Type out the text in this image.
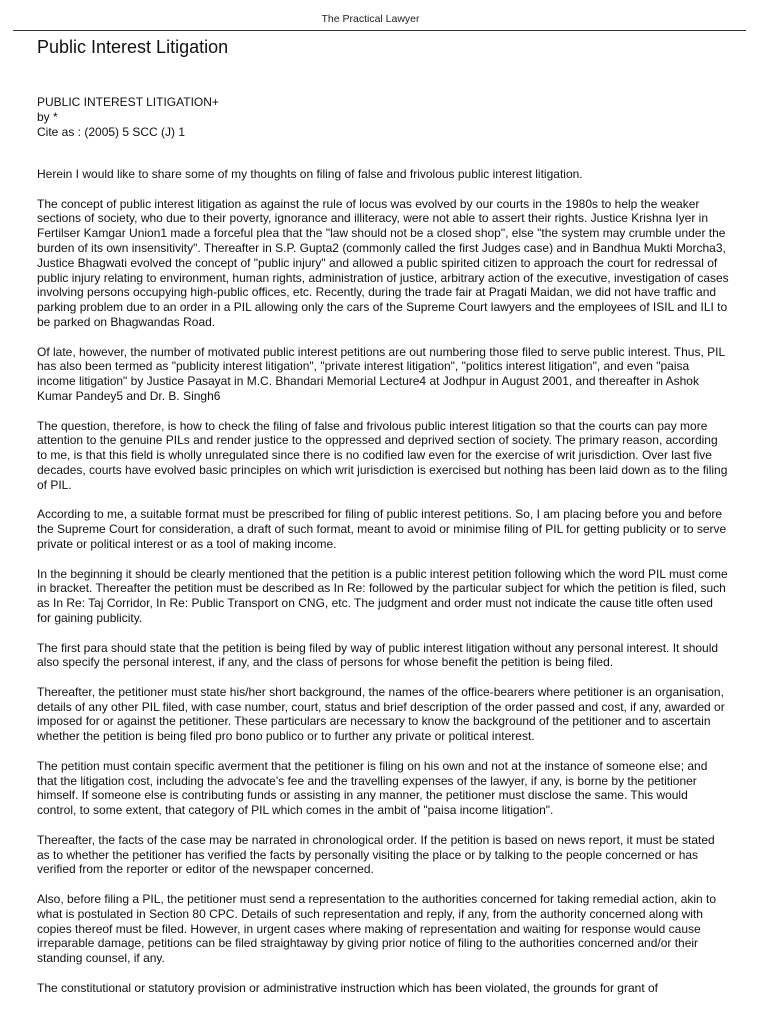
The Practical Lawyer
Public Interest Litigation
PUBLIC INTEREST LITIGATION+
by *
Cite as : (2005) 5 SCC (J) 1

Herein I would like to share some of my thoughts on filing of false and frivolous public interest litigation.

The concept of public interest litigation as against the rule of locus was evolved by our courts in the 1980s to help the weaker sections of society, who due to their poverty, ignorance and illiteracy, were not able to assert their rights. Justice Krishna Iyer in Fertilser Kamgar Union1 made a forceful plea that the "law should not be a closed shop", else "the system may crumble under the burden of its own insensitivity". Thereafter in S.P. Gupta2 (commonly called the first Judges case) and in Bandhua Mukti Morcha3, Justice Bhagwati evolved the concept of "public injury" and allowed a public spirited citizen to approach the court for redressal of public injury relating to environment, human rights, administration of justice, arbitrary action of the executive, investigation of cases involving persons occupying high-public offices, etc. Recently, during the trade fair at Pragati Maidan, we did not have traffic and parking problem due to an order in a PIL allowing only the cars of the Supreme Court lawyers and the employees of ISIL and ILI to be parked on Bhagwandas Road.

Of late, however, the number of motivated public interest petitions are out numbering those filed to serve public interest. Thus, PIL has also been termed as "publicity interest litigation", "private interest litigation", "politics interest litigation", and even "paisa income litigation" by Justice Pasayat in M.C. Bhandari Memorial Lecture4 at Jodhpur in August 2001, and thereafter in Ashok Kumar Pandey5 and Dr. B. Singh6

The question, therefore, is how to check the filing of false and frivolous public interest litigation so that the courts can pay more attention to the genuine PILs and render justice to the oppressed and deprived section of society. The primary reason, according to me, is that this field is wholly unregulated since there is no codified law even for the exercise of writ jurisdiction. Over last five decades, courts have evolved basic principles on which writ jurisdiction is exercised but nothing has been laid down as to the filing of PIL.

According to me, a suitable format must be prescribed for filing of public interest petitions. So, I am placing before you and before the Supreme Court for consideration, a draft of such format, meant to avoid or minimise filing of PIL for getting publicity or to serve private or political interest or as a tool of making income.

In the beginning it should be clearly mentioned that the petition is a public interest petition following which the word PIL must come in bracket. Thereafter the petition must be described as In Re: followed by the particular subject for which the petition is filed, such as In Re: Taj Corridor, In Re: Public Transport on CNG, etc. The judgment and order must not indicate the cause title often used for gaining publicity.

The first para should state that the petition is being filed by way of public interest litigation without any personal interest. It should also specify the personal interest, if any, and the class of persons for whose benefit the petition is being filed.

Thereafter, the petitioner must state his/her short background, the names of the office-bearers where petitioner is an organisation, details of any other PIL filed, with case number, court, status and brief description of the order passed and cost, if any, awarded or imposed for or against the petitioner. These particulars are necessary to know the background of the petitioner and to ascertain whether the petition is being filed pro bono publico or to further any private or political interest.

The petition must contain specific averment that the petitioner is filing on his own and not at the instance of someone else; and that the litigation cost, including the advocate's fee and the travelling expenses of the lawyer, if any, is borne by the petitioner himself. If someone else is contributing funds or assisting in any manner, the petitioner must disclose the same. This would control, to some extent, that category of PIL which comes in the ambit of "paisa income litigation".

Thereafter, the facts of the case may be narrated in chronological order. If the petition is based on news report, it must be stated as to whether the petitioner has verified the facts by personally visiting the place or by talking to the people concerned or has verified from the reporter or editor of the newspaper concerned.

Also, before filing a PIL, the petitioner must send a representation to the authorities concerned for taking remedial action, akin to what is postulated in Section 80 CPC. Details of such representation and reply, if any, from the authority concerned along with copies thereof must be filed. However, in urgent cases where making of representation and waiting for response would cause irreparable damage, petitions can be filed straightaway by giving prior notice of filing to the authorities concerned and/or their standing counsel, if any.

The constitutional or statutory provision or administrative instruction which has been violated, the grounds for grant of
